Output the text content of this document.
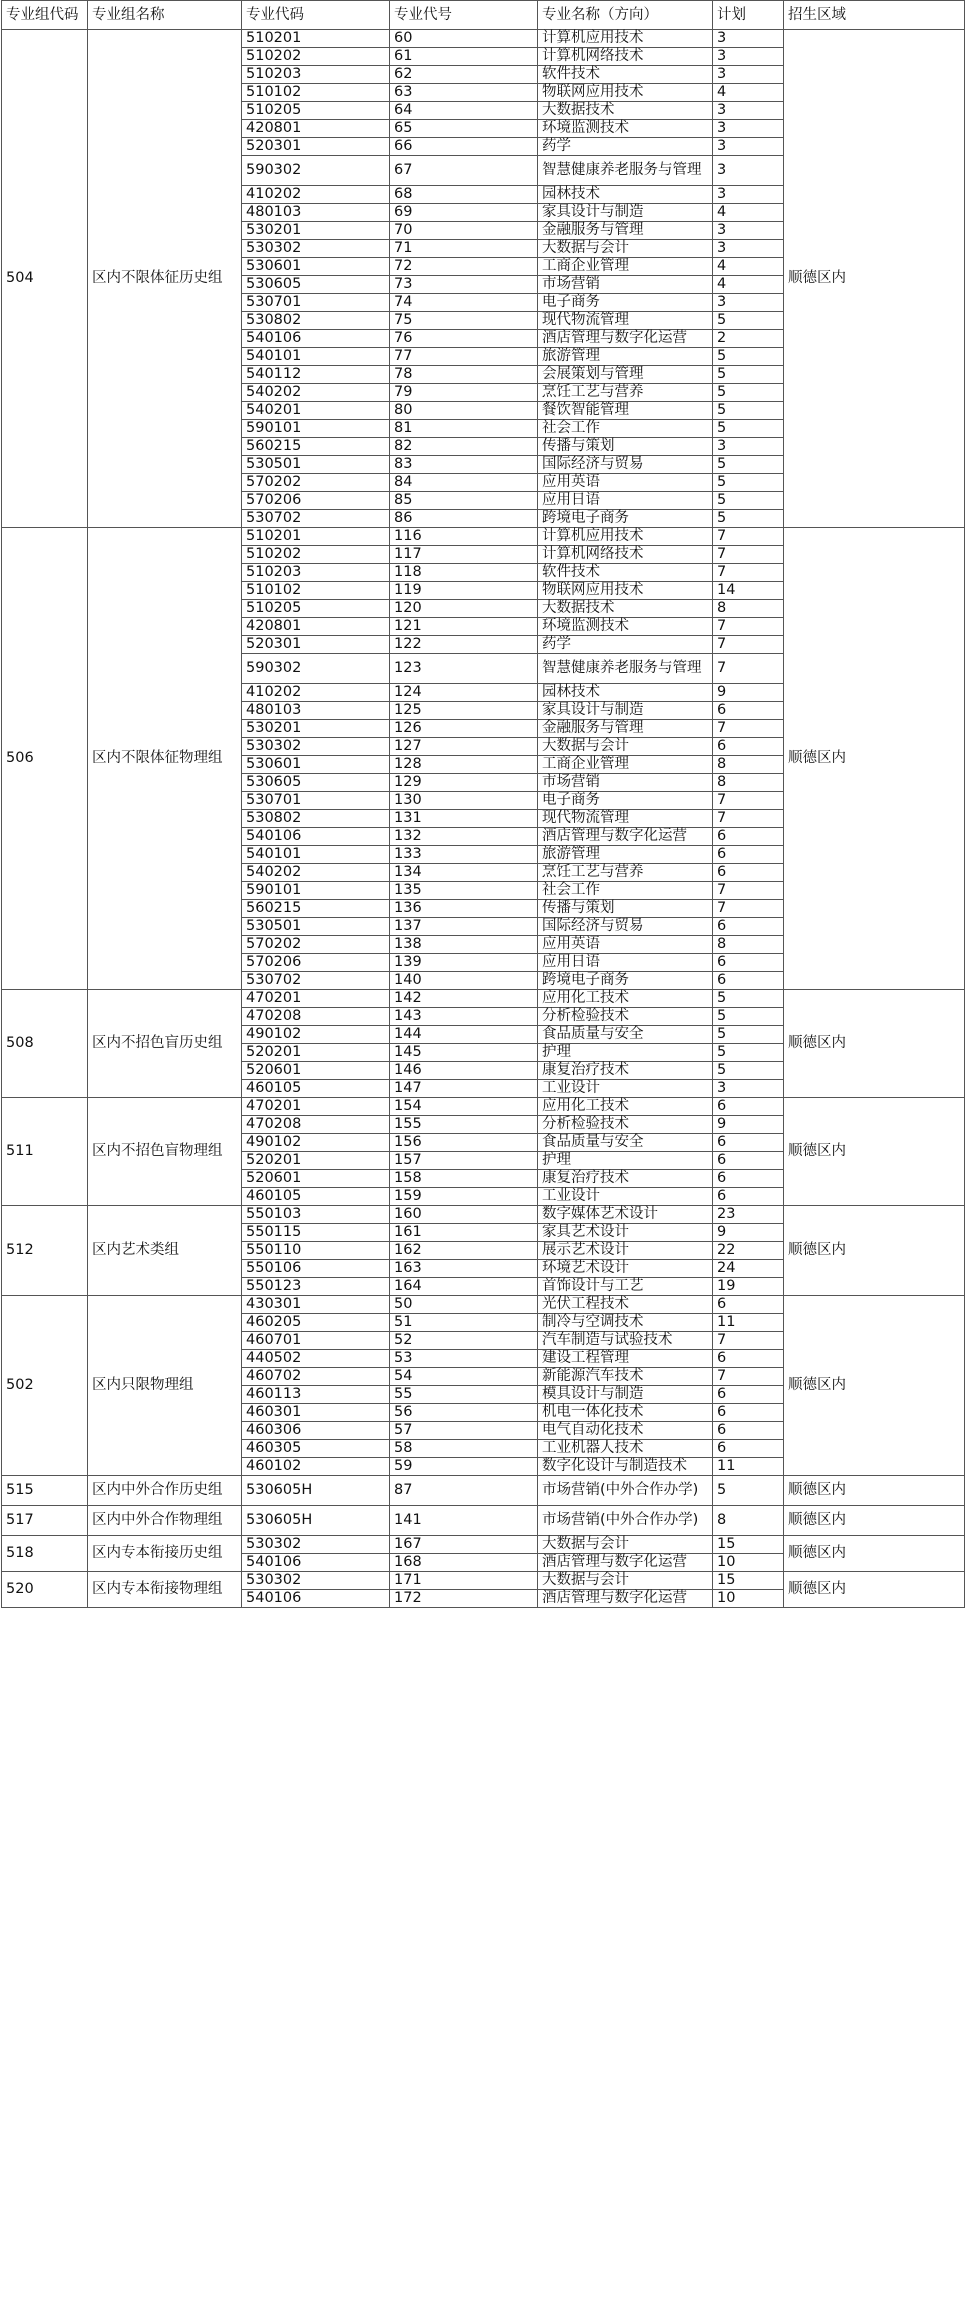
专业组代码	专业组名称	专业代码	专业代号	专业名称（方向）	计划	招生区域
504	区内不限体征历史组	510201	60	计算机应用技术	3	顺德区内
		510202	61	计算机网络技术	3	
		510203	62	软件技术	3	
		510102	63	物联网应用技术	4	
		510205	64	大数据技术	3	
		420801	65	环境监测技术	3	
		520301	66	药学	3	
		590302	67	智慧健康养老服务与管理	3	
		410202	68	园林技术	3	
		480103	69	家具设计与制造	4	
		530201	70	金融服务与管理	3	
		530302	71	大数据与会计	3	
		530601	72	工商企业管理	4	
		530605	73	市场营销	4	
		530701	74	电子商务	3	
		530802	75	现代物流管理	5	
		540106	76	酒店管理与数字化运营	2	
		540101	77	旅游管理	5	
		540112	78	会展策划与管理	5	
		540202	79	烹饪工艺与营养	5	
		540201	80	餐饮智能管理	5	
		590101	81	社会工作	5	
		560215	82	传播与策划	3	
		530501	83	国际经济与贸易	5	
		570202	84	应用英语	5	
		570206	85	应用日语	5	
		530702	86	跨境电子商务	5	
506	区内不限体征物理组	510201	116	计算机应用技术	7	顺德区内
		510202	117	计算机网络技术	7	
		510203	118	软件技术	7	
		510102	119	物联网应用技术	14	
		510205	120	大数据技术	8	
		420801	121	环境监测技术	7	
		520301	122	药学	7	
		590302	123	智慧健康养老服务与管理	7	
		410202	124	园林技术	9	
		480103	125	家具设计与制造	6	
		530201	126	金融服务与管理	7	
		530302	127	大数据与会计	6	
		530601	128	工商企业管理	8	
		530605	129	市场营销	8	
		530701	130	电子商务	7	
		530802	131	现代物流管理	7	
		540106	132	酒店管理与数字化运营	6	
		540101	133	旅游管理	6	
		540202	134	烹饪工艺与营养	6	
		590101	135	社会工作	7	
		560215	136	传播与策划	7	
		530501	137	国际经济与贸易	6	
		570202	138	应用英语	8	
		570206	139	应用日语	6	
		530702	140	跨境电子商务	6	
508	区内不招色盲历史组	470201	142	应用化工技术	5	顺德区内
		470208	143	分析检验技术	5	
		490102	144	食品质量与安全	5	
		520201	145	护理	5	
		520601	146	康复治疗技术	5	
		460105	147	工业设计	3	
511	区内不招色盲物理组	470201	154	应用化工技术	6	顺德区内
		470208	155	分析检验技术	9	
		490102	156	食品质量与安全	6	
		520201	157	护理	6	
		520601	158	康复治疗技术	6	
		460105	159	工业设计	6	
512	区内艺术类组	550103	160	数字媒体艺术设计	23	顺德区内
		550115	161	家具艺术设计	9	
		550110	162	展示艺术设计	22	
		550106	163	环境艺术设计	24	
		550123	164	首饰设计与工艺	19	
502	区内只限物理组	430301	50	光伏工程技术	6	顺德区内
		460205	51	制冷与空调技术	11	
		460701	52	汽车制造与试验技术	7	
		440502	53	建设工程管理	6	
		460702	54	新能源汽车技术	7	
		460113	55	模具设计与制造	6	
		460301	56	机电一体化技术	6	
		460306	57	电气自动化技术	6	
		460305	58	工业机器人技术	6	
		460102	59	数字化设计与制造技术	11	
515	区内中外合作历史组	530605H	87	市场营销(中外合作办学)	5	顺德区内
517	区内中外合作物理组	530605H	141	市场营销(中外合作办学)	8	顺德区内
518	区内专本衔接历史组	530302	167	大数据与会计	15	顺德区内
		540106	168	酒店管理与数字化运营	10	
520	区内专本衔接物理组	530302	171	大数据与会计	15	顺德区内
		540106	172	酒店管理与数字化运营	10	
